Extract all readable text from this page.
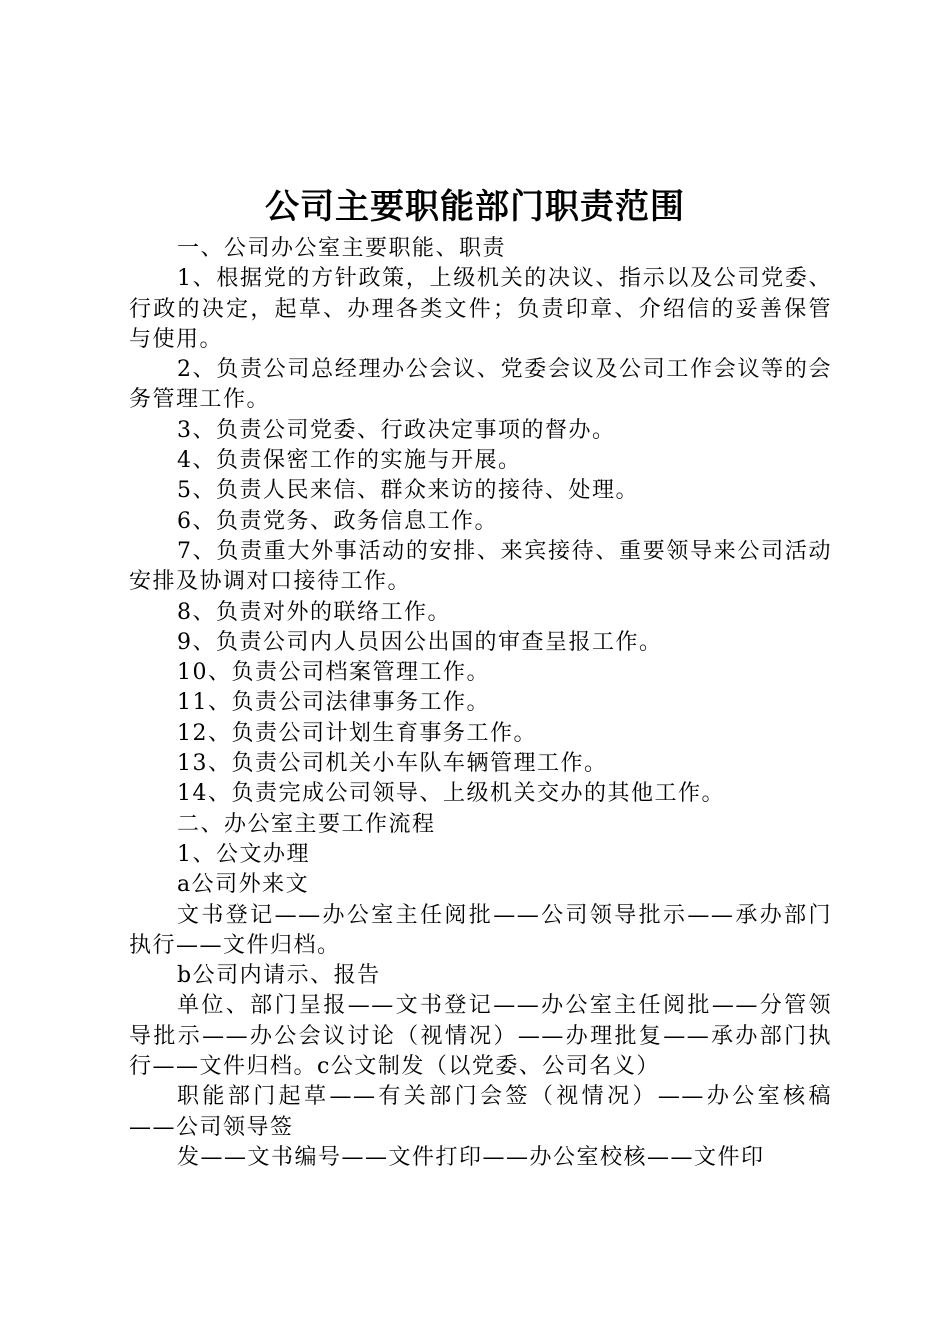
公司主要职能部门职责范围

一、公司办公室主要职能、职责

1、根据党的方针政策，上级机关的决议、指示以及公司党委、行政的决定，起草、办理各类文件；负责印章、介绍信的妥善保管与使用。

2、负责公司总经理办公会议、党委会议及公司工作会议等的会务管理工作。

3、负责公司党委、行政决定事项的督办。

4、负责保密工作的实施与开展。

5、负责人民来信、群众来访的接待、处理。

6、负责党务、政务信息工作。

7、负责重大外事活动的安排、来宾接待、重要领导来公司活动安排及协调对口接待工作。

8、负责对外的联络工作。

9、负责公司内人员因公出国的审查呈报工作。

10、负责公司档案管理工作。

11、负责公司法律事务工作。

12、负责公司计划生育事务工作。

13、负责公司机关小车队车辆管理工作。

14、负责完成公司领导、上级机关交办的其他工作。

二、办公室主要工作流程

1、公文办理

a公司外来文

文书登记——办公室主任阅批——公司领导批示——承办部门执行——文件归档。

b公司内请示、报告

单位、部门呈报——文书登记——办公室主任阅批——分管领导批示——办公会议讨论（视情况）——办理批复——承办部门执行——文件归档。c公文制发（以党委、公司名义）

职能部门起草——有关部门会签（视情况）——办公室核稿——公司领导签

发——文书编号——文件打印——办公室校核——文件印
